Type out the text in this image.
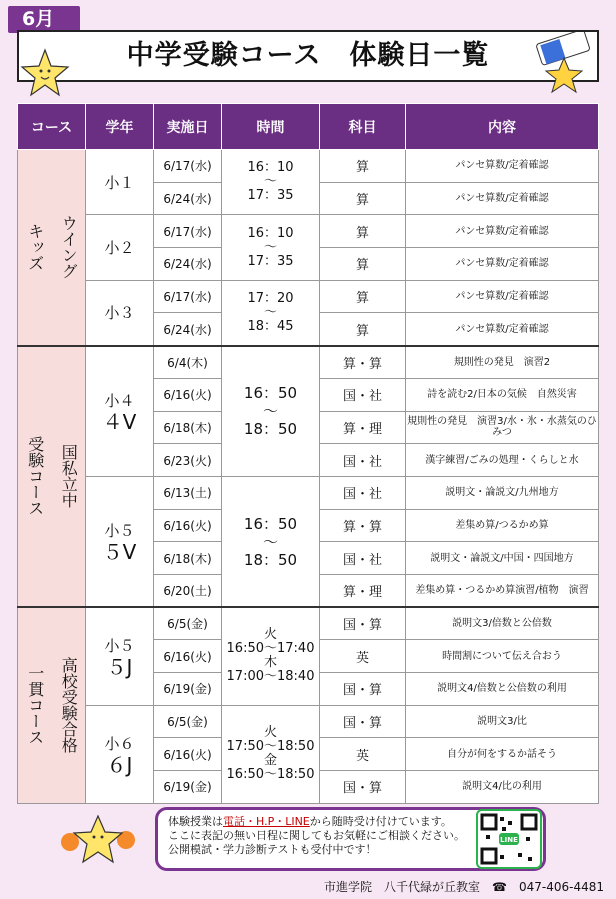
6月
中学受験コース　体験日一覧
コース	学年	実施日	時間	科目	内容

ウイング
キッズ	小１	6/17(水)	16：10
～
17：35	算	パンセ算数/定着確認
		6/24(水)		算	パンセ算数/定着確認

	小２	6/17(水)	16：10
～
17：35	算	パンセ算数/定着確認
		6/24(水)		算	パンセ算数/定着確認

	小３	6/17(水)	17：20
～
18：45	算	パンセ算数/定着確認
		6/24(水)		算	パンセ算数/定着確認

国私立中
受験コース	小４
４V	6/4(木)	16：50
～
18：50	算・算	規則性の発見　演習2
		6/16(火)		国・社	詩を読む2/日本の気候　自然災害
		6/18(木)		算・理	規則性の発見　演習3/水・氷・水蒸気のひみつ
		6/23(火)		国・社	漢字練習/ごみの処理・くらしと水

	小５
５V	6/13(土)	16：50
～
18：50	国・社	説明文・論説文/九州地方
		6/16(火)		算・算	差集め算/つるかめ算
		6/18(木)		国・社	説明文・論説文/中国・四国地方
		6/20(土)		算・理	差集め算・つるかめ算演習/植物　演習

高校受験合格
一貫コース	小５
５J	6/5(金)	火
16:50～17:40
木
17:00～18:40	国・算	説明文3/倍数と公倍数
		6/16(火)		英	時間割について伝え合おう
		6/19(金)		国・算	説明文4/倍数と公倍数の利用

	小６
６J	6/5(金)	火
17:50～18:50
金
16:50～18:50	国・算	説明文3/比
		6/16(火)		英	自分が何をするか話そう
		6/19(金)		国・算	説明文4/比の利用
体験授業は電話・H.P・LINEから随時受け付けています。
ここに表記の無い日程に関してもお気軽にご相談ください。
公開模試・学力診断テストも受付中です！
LINE
市進学院　八千代緑が丘教室　☎　047-406-4481
